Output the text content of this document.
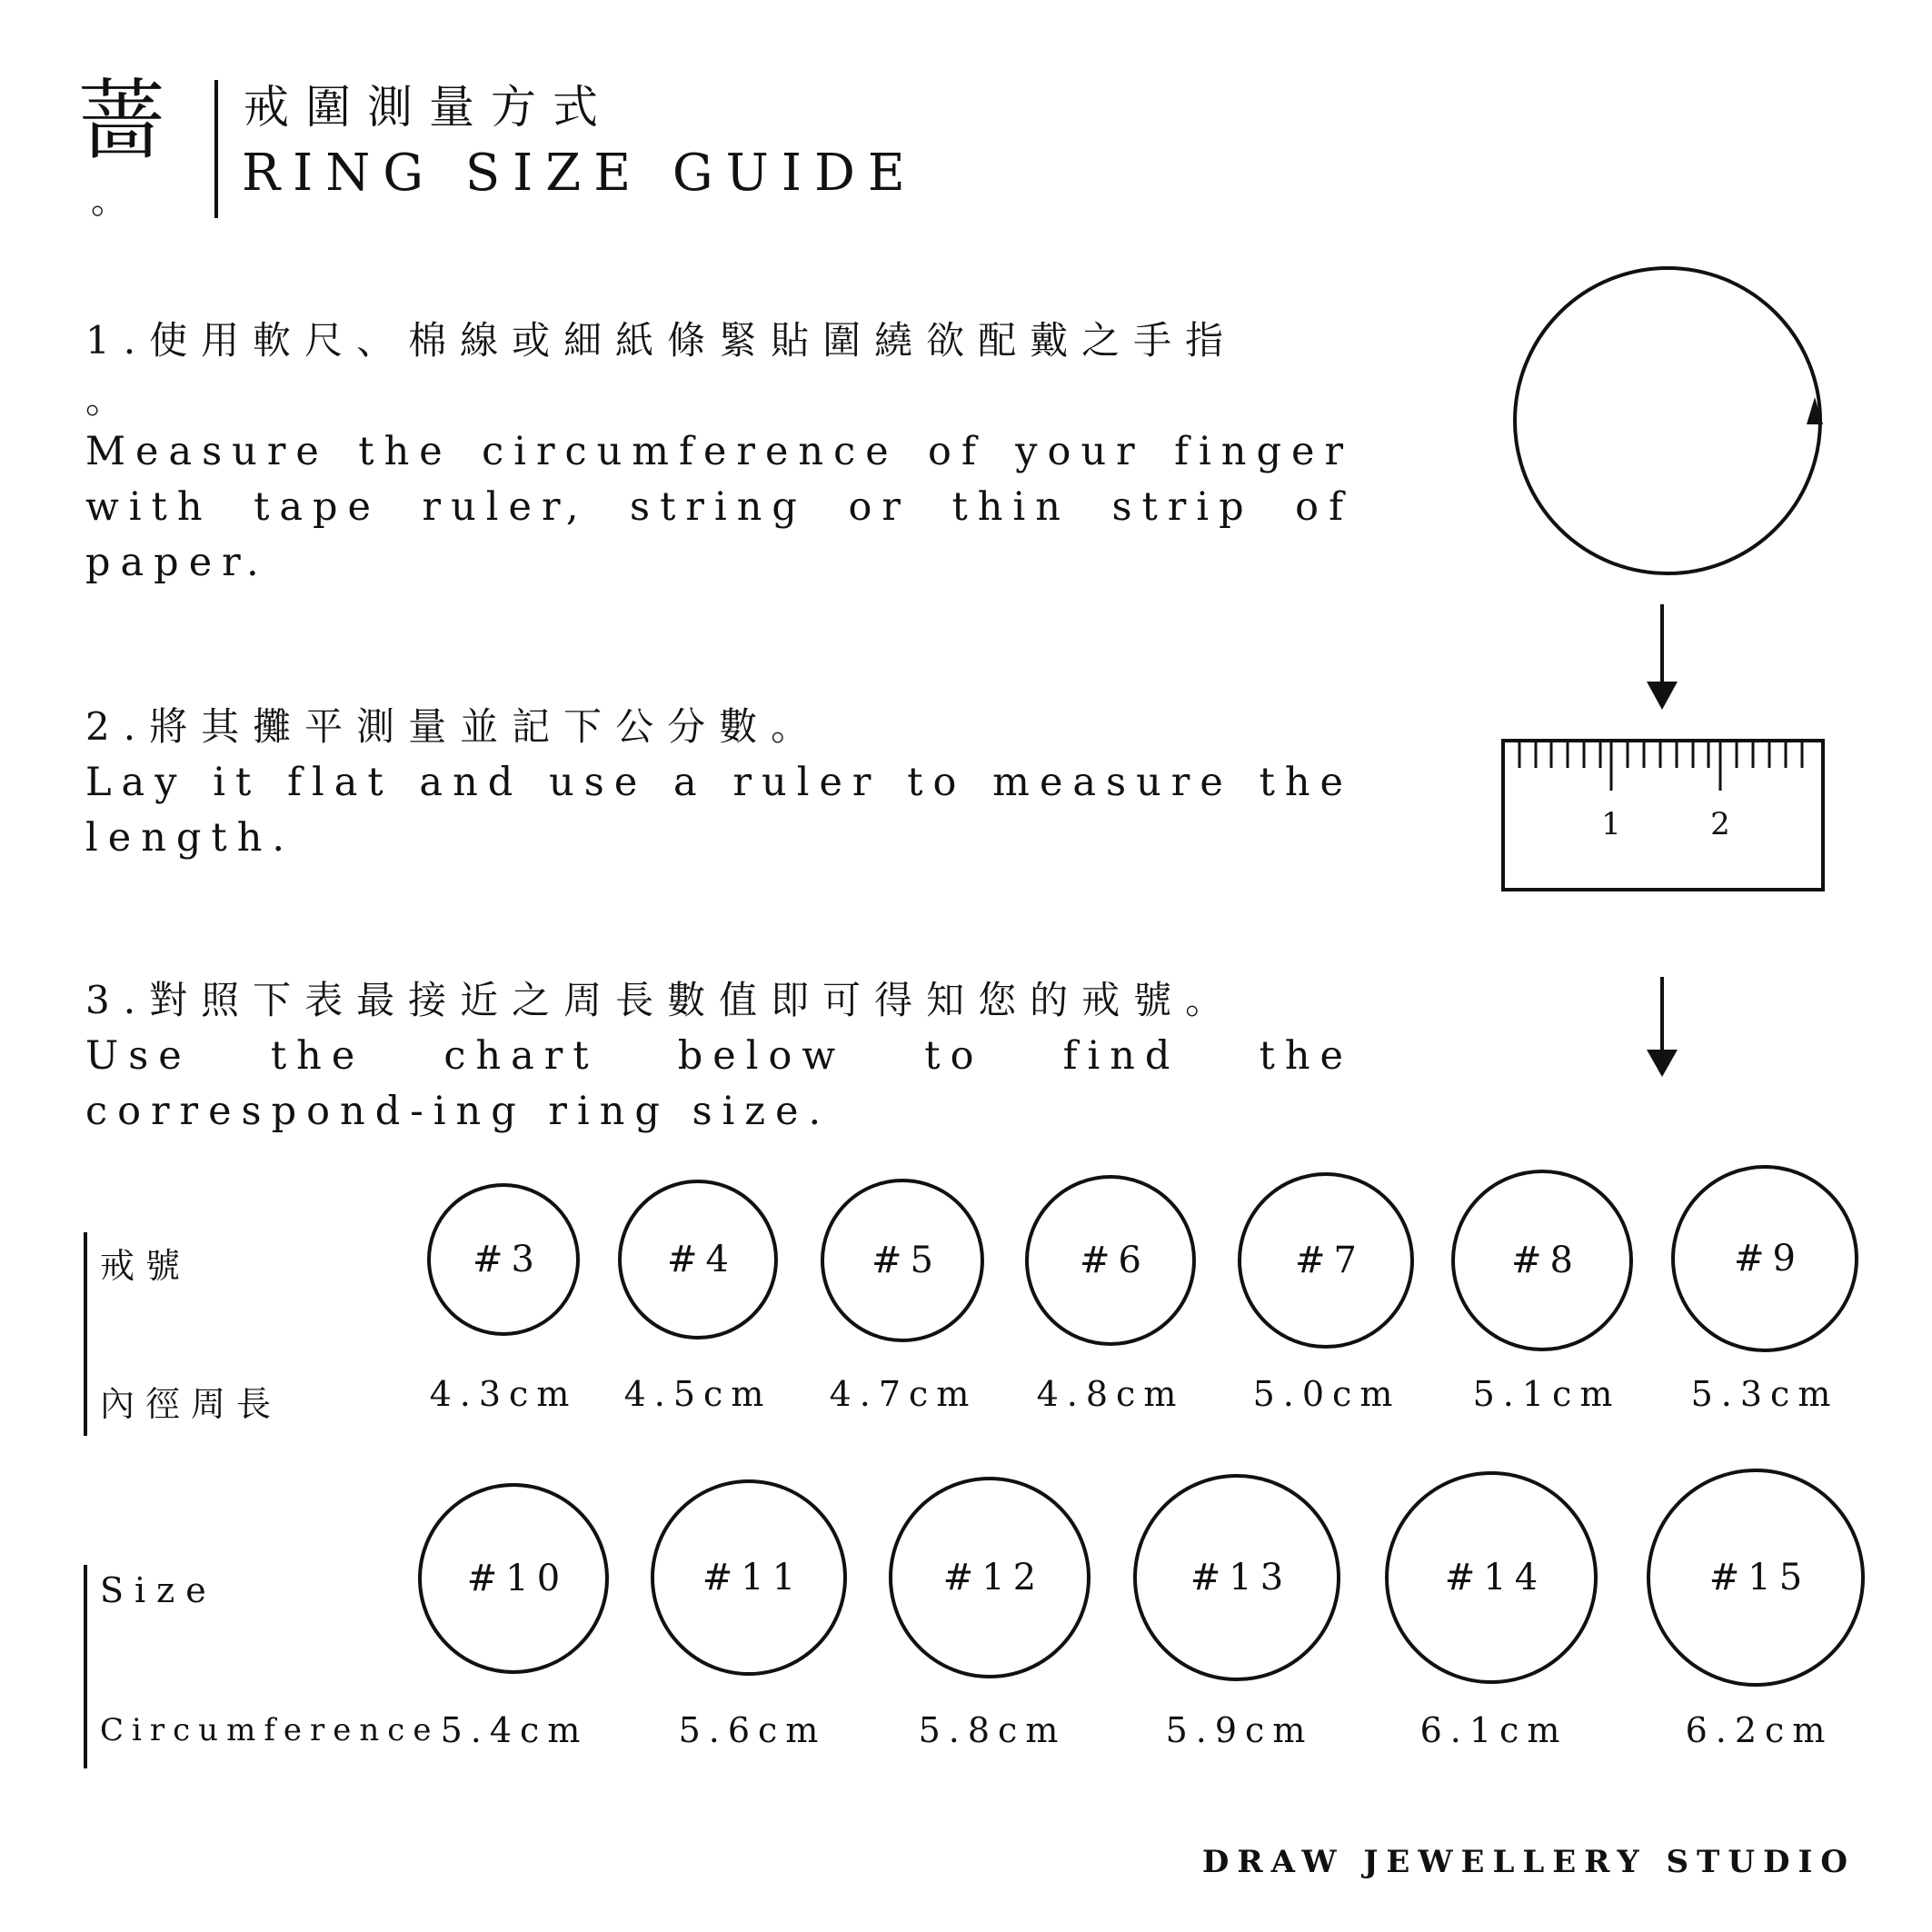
蔷
。
戒圍測量方式
RING SIZE GUIDE
1.使用軟尺、棉線或細紙條緊貼圍繞欲配戴之手指
。
Measure the circumference of your finger with tape ruler, string or thin strip of paper.
2.將其攤平測量並記下公分數。
Lay it flat and use a ruler to measure the length.
3.對照下表最接近之周長數值即可得知您的戒號。
Use the chart below to find the correspond-ing ring size.
1	2
戒號
內徑周長
#3	#4	#5	#6	#7	#8	#9
4.3cm 4.5cm 4.7cm 4.8cm 5.0cm 5.1cm 5.3cm
Size
Circumference
#10	#11	#12	#13	#14	#15
5.4cm	5.6cm	5.8cm	5.9cm	6.1cm	6.2cm
DRAW JEWELLERY STUDIO
